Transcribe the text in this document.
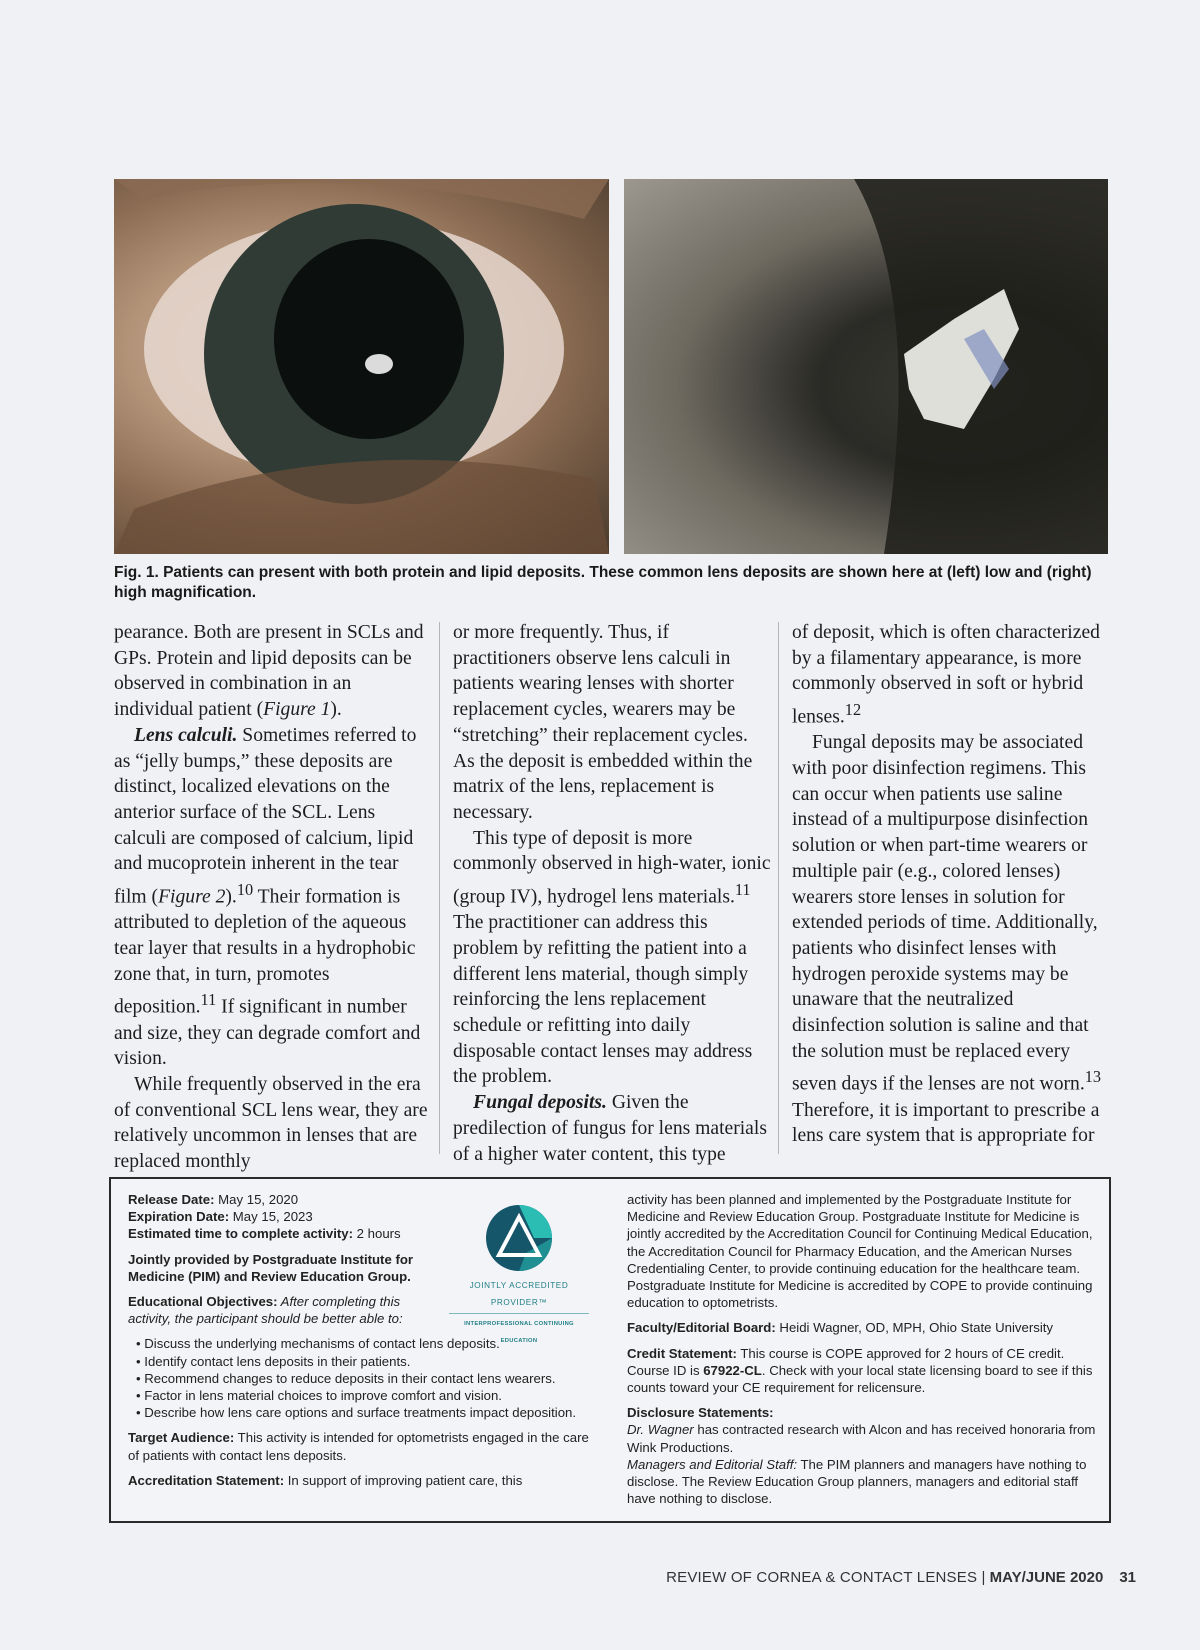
Fig. 1. Patients can present with both protein and lipid deposits. These common lens deposits are shown here at (left) low and (right) high magnification.

pearance. Both are present in SCLs and GPs. Protein and lipid deposits can be observed in combination in an individual patient (Figure 1).

Lens calculi. Sometimes referred to as “jelly bumps,” these deposits are distinct, localized elevations on the anterior surface of the SCL. Lens calculi are composed of calcium, lipid and mucoprotein inherent in the tear film (Figure 2).$^{10}$ Their formation is attributed to depletion of the aqueous tear layer that results in a hydrophobic zone that, in turn, promotes deposition.$^{11}$ If significant in number and size, they can degrade comfort and vision.

While frequently observed in the era of conventional SCL lens wear, they are relatively uncommon in lenses that are replaced monthly

or more frequently. Thus, if practitioners observe lens calculi in patients wearing lenses with shorter replacement cycles, wearers may be “stretching” their replacement cycles. As the deposit is embedded within the matrix of the lens, replacement is necessary.

This type of deposit is more commonly observed in high-water, ionic (group IV), hydrogel lens materials.$^{11}$ The practitioner can address this problem by refitting the patient into a different lens material, though simply reinforcing the lens replacement schedule or refitting into daily disposable contact lenses may address the problem.

Fungal deposits. Given the predilection of fungus for lens materials of a higher water content, this type

of deposit, which is often characterized by a filamentary appearance, is more commonly observed in soft or hybrid lenses.$^{12}$

Fungal deposits may be associated with poor disinfection regimens. This can occur when patients use saline instead of a multipurpose disinfection solution or when part-time wearers or multiple pair (e.g., colored lenses) wearers store lenses in solution for extended periods of time. Additionally, patients who disinfect lenses with hydrogen peroxide systems may be unaware that the neutralized disinfection solution is saline and that the solution must be replaced every seven days if the lenses are not worn.$^{13}$ Therefore, it is important to prescribe a lens care system that is appropriate for

Release Date: May 15, 2020

Expiration Date: May 15, 2023

Estimated time to complete activity: 2 hours

Jointly provided by Postgraduate Institute for Medicine (PIM) and Review Education Group.

Educational Objectives: After completing this activity, the participant should be better able to:

• Discuss the underlying mechanisms of contact lens deposits.
• Identify contact lens deposits in their patients.
• Recommend changes to reduce deposits in their contact lens wearers.
• Factor in lens material choices to improve comfort and vision.
• Describe how lens care options and surface treatments impact deposition.

Target Audience: This activity is intended for optometrists engaged in the care of patients with contact lens deposits.

Accreditation Statement: In support of improving patient care, this

JOINTLY ACCREDITED PROVIDER™
INTERPROFESSIONAL CONTINUING EDUCATION

activity has been planned and implemented by the Postgraduate Institute for Medicine and Review Education Group. Postgraduate Institute for Medicine is jointly accredited by the Accreditation Council for Continuing Medical Education, the Accreditation Council for Pharmacy Education, and the American Nurses Credentialing Center, to provide continuing education for the healthcare team. Postgraduate Institute for Medicine is accredited by COPE to provide continuing education to optometrists.

Faculty/Editorial Board: Heidi Wagner, OD, MPH, Ohio State University

Credit Statement: This course is COPE approved for 2 hours of CE credit. Course ID is 67922-CL. Check with your local state licensing board to see if this counts toward your CE requirement for relicensure.

Disclosure Statements:

Dr. Wagner has contracted research with Alcon and has received honoraria from Wink Productions.

Managers and Editorial Staff: The PIM planners and managers have nothing to disclose. The Review Education Group planners, managers and editorial staff have nothing to disclose.

REVIEW OF CORNEA & CONTACT LENSES | MAY/JUNE 2020 31
